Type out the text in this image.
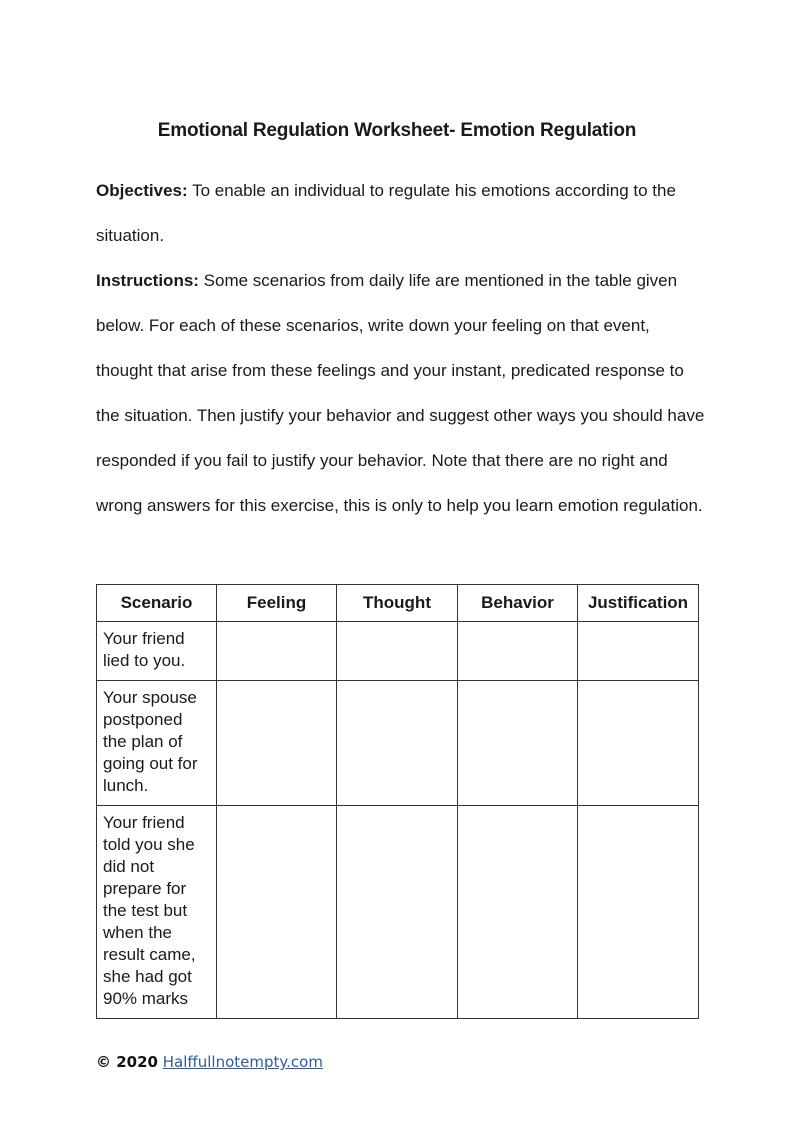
Emotional Regulation Worksheet- Emotion Regulation
Objectives: To enable an individual to regulate his emotions according to the situation.
Instructions: Some scenarios from daily life are mentioned in the table given below. For each of these scenarios, write down your feeling on that event, thought that arise from these feelings and your instant, predicated response to the situation. Then justify your behavior and suggest other ways you should have responded if you fail to justify your behavior. Note that there are no right and wrong answers for this exercise, this is only to help you learn emotion regulation.
Scenario	Feeling	Thought	Behavior	Justification
Your friend lied to you.				
Your spouse postponed the plan of going out for lunch.				
Your friend told you she did not prepare for the test but when the result came, she had got 90% marks				
© 2020 Halffullnotempty.com
